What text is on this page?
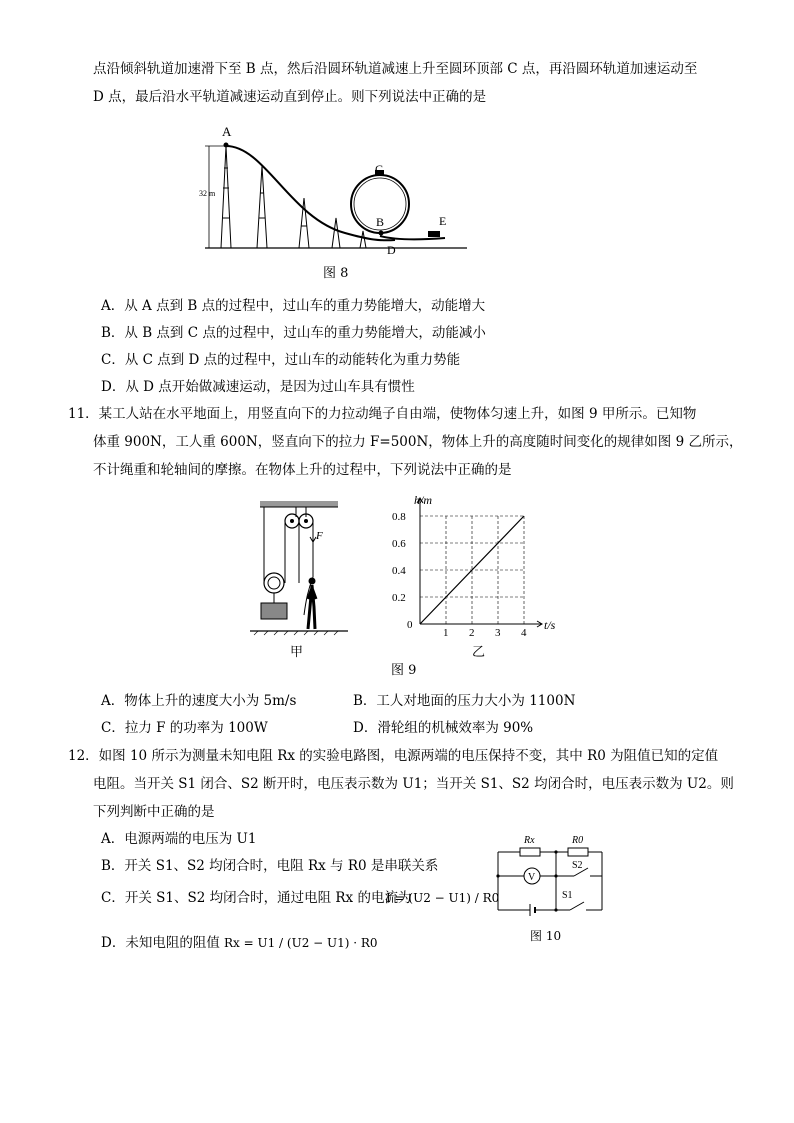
点沿倾斜轨道加速滑下至 B 点，然后沿圆环轨道减速上升至圆环顶部 C 点，再沿圆环轨道加速运动至
D 点，最后沿水平轨道减速运动直到停止。则下列说法中正确的是
32 m
A
C
B
D
E
图 8
A．从 A 点到 B 点的过程中，过山车的重力势能增大，动能增大
B．从 B 点到 C 点的过程中，过山车的重力势能增大，动能减小
C．从 C 点到 D 点的过程中，过山车的动能转化为重力势能
D．从 D 点开始做减速运动，是因为过山车具有惯性
11．某工人站在水平地面上，用竖直向下的力拉动绳子自由端，使物体匀速上升，如图 9 甲所示。已知物
体重 900N，工人重 600N，竖直向下的拉力 F=500N，物体上升的高度随时间变化的规律如图 9 乙所示，
不计绳重和轮轴间的摩擦。在物体上升的过程中，下列说法中正确的是
F
甲
0
1 2 3 4
0.2
0.4
0.6
0.8
h/m
t/s
乙
图 9
A．物体上升的速度大小为 5m/s	B．工人对地面的压力大小为 1100N
C．拉力 F 的功率为 100W	D．滑轮组的机械效率为 90%
12．如图 10 所示为测量未知电阻 Rx 的实验电路图，电源两端的电压保持不变，其中 R0 为阻值已知的定值
电阻。当开关 S1 闭合、S2 断开时，电压表示数为 U1；当开关 S1、S2 均闭合时，电压表示数为 U2。则
下列判断中正确的是
A．电源两端的电压为 U1
B．开关 S1、S2 均闭合时，电阻 Rx 与 R0 是串联关系
C．开关 S1、S2 均闭合时，通过电阻 Rx 的电流为
I = (U2 − U1) / R0
D．未知电阻的阻值 Rx = U1 / (U2 − U1) · R0
Rx	R0
S2
S1
V
图 10
